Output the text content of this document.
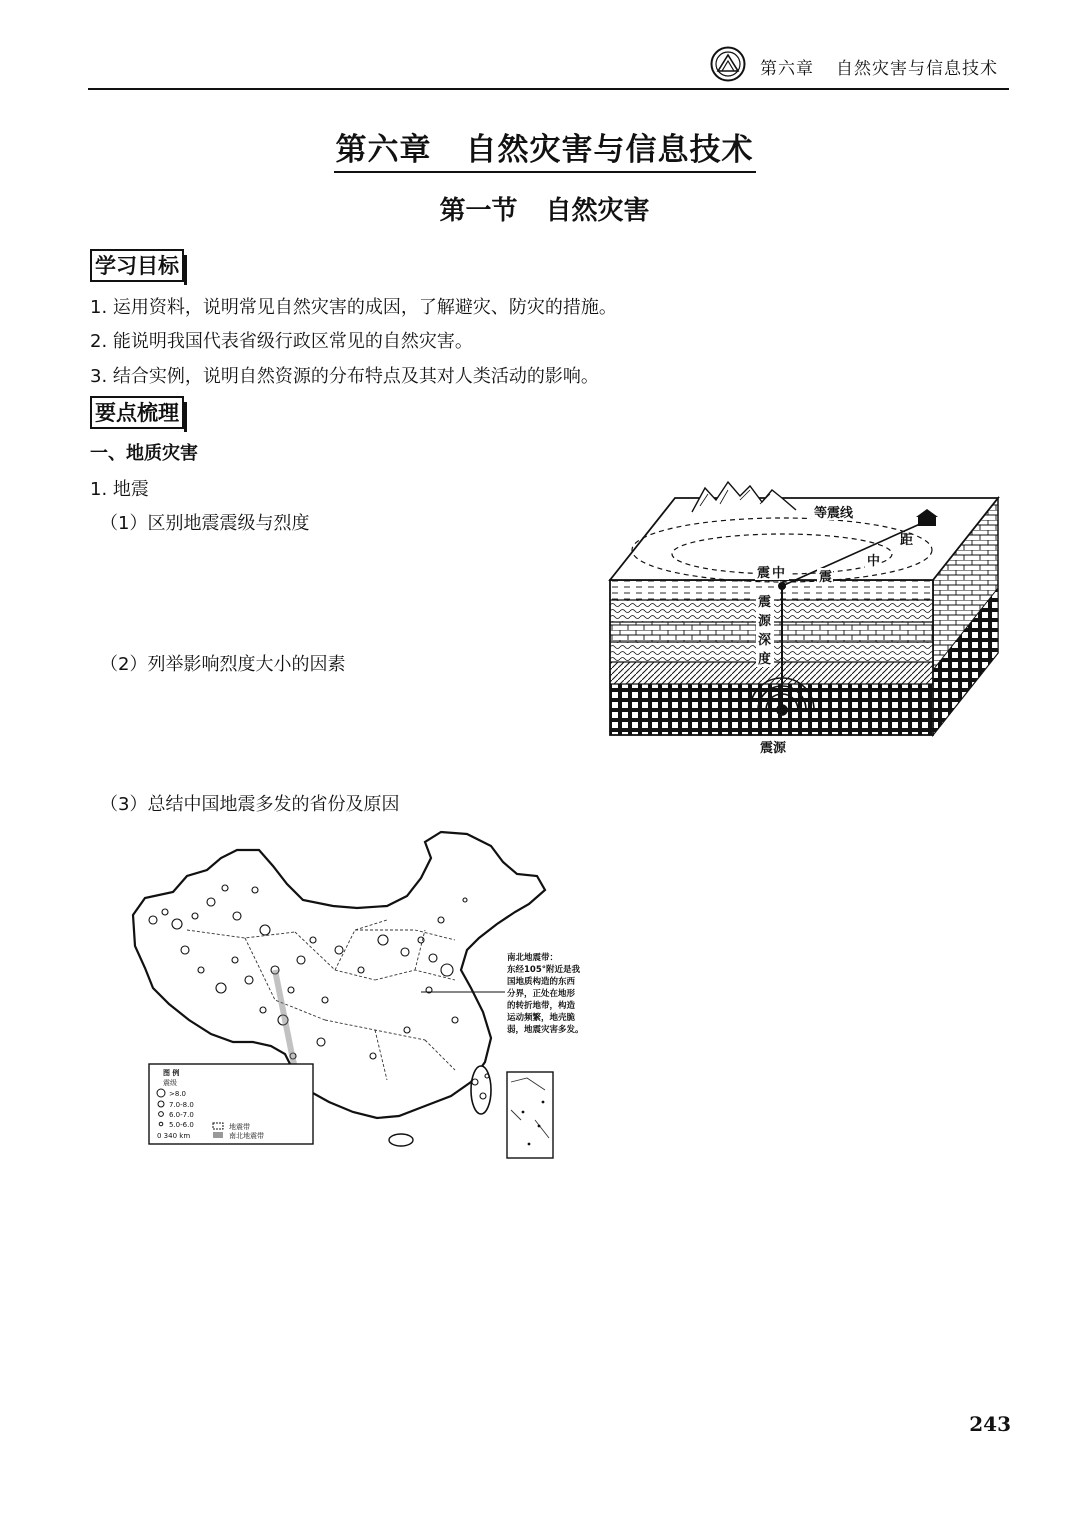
第六章 自然灾害与信息技术
第六章 自然灾害与信息技术
第一节 自然灾害
学习目标
1. 运用资料，说明常见自然灾害的成因，了解避灾、防灾的措施。
2. 能说明我国代表省级行政区常见的自然灾害。
3. 结合实例，说明自然资源的分布特点及其对人类活动的影响。
要点梳理
一、地质灾害
1. 地震
（1）区别地震震级与烈度
（2）列举影响烈度大小的因素
（3）总结中国地震多发的省份及原因
等震线
震 中	震
中
距
震
源
深
度
震源
南北地震带：
东经105°附近是我
国地质构造的东西
分界，正处在地形
的转折地带，构造
运动频繁，地壳脆
弱，地震灾害多发。
图 例
震级
>8.0
7.0-8.0
6.0-7.0
5.0-6.0
0 340 km
地震带
南北地震带
243
